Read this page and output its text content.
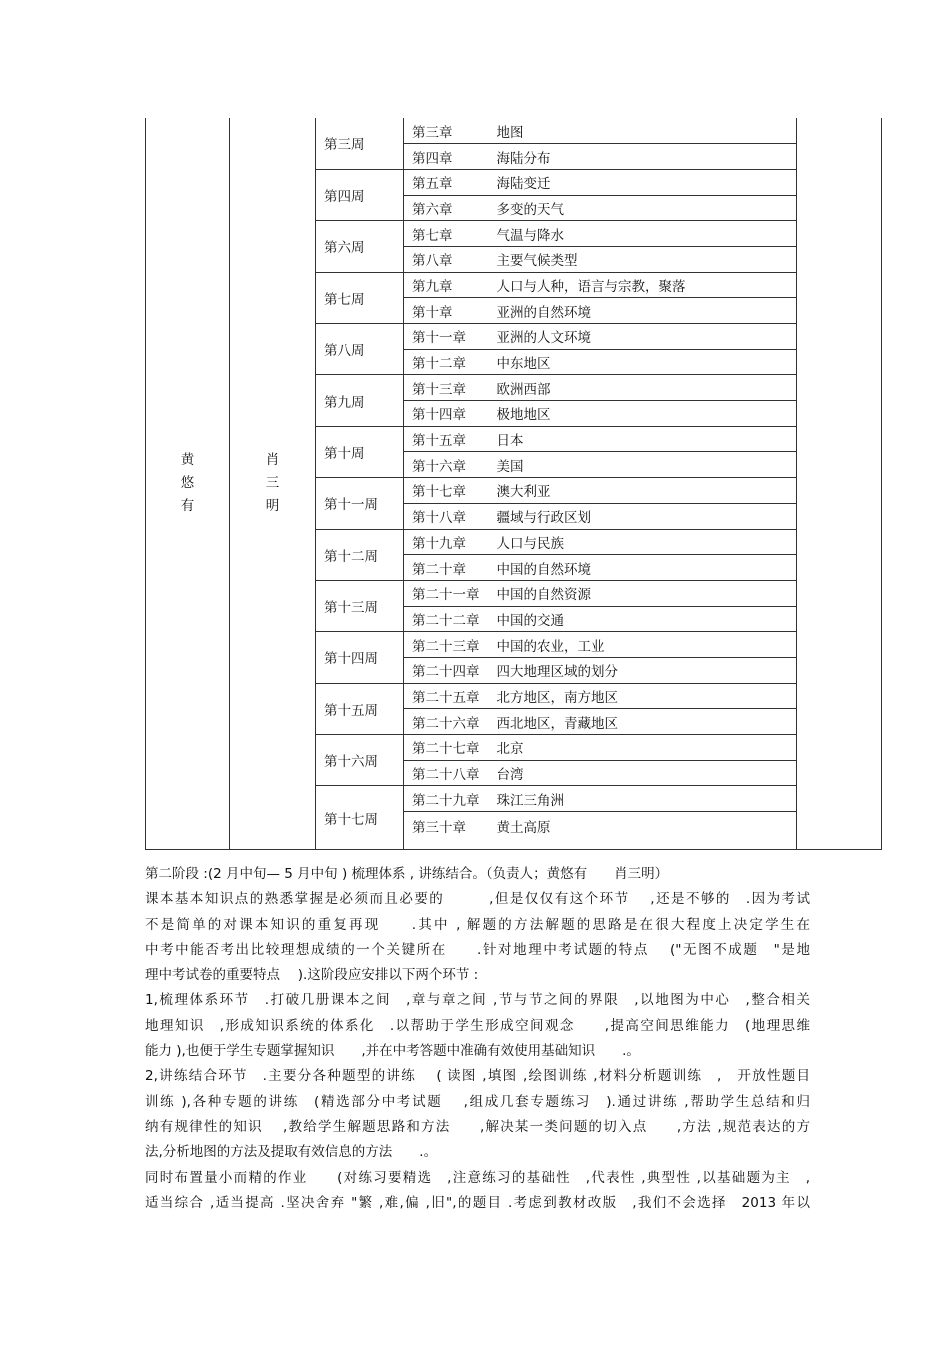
黄
悠
有	肖
三
明	第三周	第三章	地图	
			第四章	海陆分布	
		第四周	第五章	海陆变迁	
			第六章	多变的天气	
		第六周	第七章	气温与降水	
			第八章	主要气候类型	
		第七周	第九章	人口与人种，语言与宗教，聚落	
			第十章	亚洲的自然环境	
		第八周	第十一章	亚洲的人文环境	
			第十二章	中东地区	
		第九周	第十三章	欧洲西部	
			第十四章	极地地区	
		第十周	第十五章	日本	
			第十六章	美国	
		第十一周	第十七章	澳大利亚	
			第十八章	疆域与行政区划	
		第十二周	第十九章	人口与民族	
			第二十章	中国的自然环境	
		第十三周	第二十一章	中国的自然资源	
			第二十二章	中国的交通	
		第十四周	第二十三章	中国的农业，工业	
			第二十四章	四大地理区域的划分	
		第十五周	第二十五章	北方地区，南方地区	
			第二十六章	西北地区，青藏地区	
		第十六周	第二十七章	北京	
			第二十八章	台湾	
		第十七周	第二十九章	珠江三角洲	
			第三十章	黄土高原	

第二阶段 :(2 月中旬— 5 月中旬 ) 梳理体系 , 讲练结合。（负责人；黄悠有　　肖三明）

课本基本知识点的熟悉掌握是必须而且必要的　　　,但是仅仅有这个环节　 ,还是不够的　.因为考试

不是简单的对课本知识的重复再现　　.其中 , 解题的方法解题的思路是在很大程度上决定学生在

中考中能否考出比较理想成绩的一个关键所在　　.针对地理中考试题的特点　 ("无图不成题　"是地

理中考试卷的重要特点　 ).这阶段应安排以下两个环节 :

1,梳理体系环节　.打破几册课本之间　,章与章之间 ,节与节之间的界限　,以地图为中心　,整合相关

地理知识　,形成知识系统的体系化　.以帮助于学生形成空间观念　　,提高空间思维能力　(地理思维

能力 ),也便于学生专题掌握知识　　,并在中考答题中准确有效使用基础知识　　.。

2,讲练结合环节　.主要分各种题型的讲练　 ( 读图 ,填图 ,绘图训练 ,材料分析题训练　,　开放性题目

训练 ),各种专题的讲练　(精选部分中考试题　 ,组成几套专题练习　).通过讲练 ,帮助学生总结和归

纳有规律性的知识　 ,教给学生解题思路和方法　　,解决某一类问题的切入点　　,方法 ,规范表达的方

法,分析地图的方法及提取有效信息的方法　　.。

同时布置量小而精的作业　　(对练习要精选　,注意练习的基础性　,代表性 ,典型性 ,以基础题为主　,

适当综合 ,适当提高 .坚决舍弃 "繁 ,难,偏 ,旧",的题目 .考虑到教材改版　,我们不会选择　2013 年以
